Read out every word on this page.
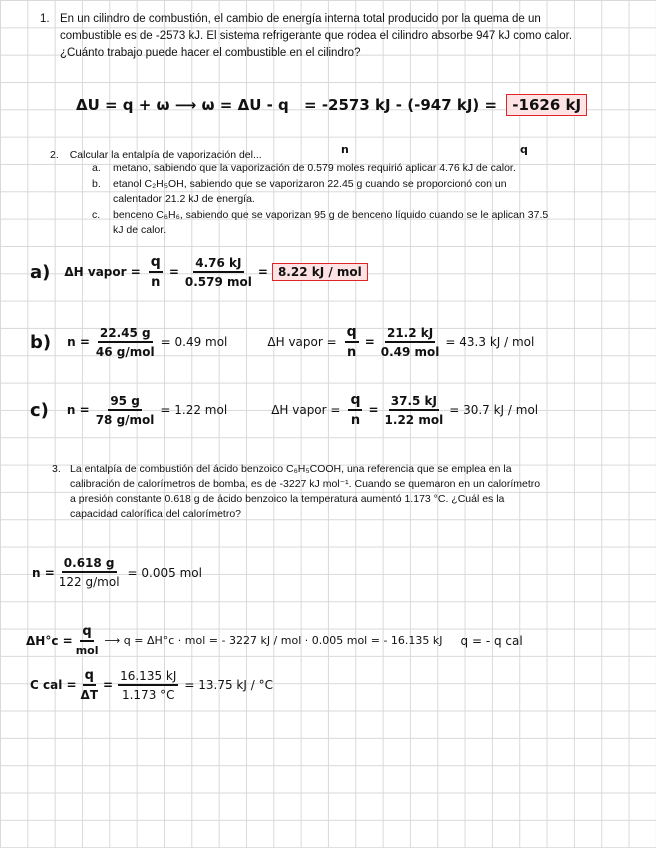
1. En un cilindro de combustión, el cambio de energía interna total producido por la quema de un
combustible es de -2573 kJ. El sistema refrigerante que rodea el cilindro absorbe 947 kJ como calor.
¿Cuánto trabajo puede hacer el combustible en el cilindro?
ΔU = q + ω ⟶ ω = ΔU - q = -2573 kJ - (-947 kJ) = -1626 kJ
2. Calcular la entalpía de vaporización del...	n	q
a. metano, sabiendo que la vaporización de 0.579 moles requirió aplicar 4.76 kJ de calor.
b. etanol C₂H₅OH, sabiendo que se vaporizaron 22.45 g cuando se proporcionó con un
calentador 21.2 kJ de energía.
c. benceno C₆H₆, sabiendo que se vaporizan 95 g de benceno líquido cuando se le aplican 37.5
kJ de calor.
a) ΔH vapor = $\frac{q}{n} = \frac{4.76 kJ}{\text{0.579 mol}} = 8.22$ kJ / mol
b) $n = \frac{22.45 g}{\text{46 g/mol}} = 0.49$ mol	ΔH vapor = $\frac{q}{n} = \frac{21.2 kJ}{\text{0.49 mol}} = 43.3$ kJ / mol
c) $n = \frac{95 g}{\text{78 g/mol}} = 1.22$ mol	ΔH vapor = $\frac{q}{n} = \frac{37.5 kJ}{\text{1.22 mol}} = 30.7$ kJ / mol
3. La entalpía de combustión del ácido benzoico C₆H₅COOH, una referencia que se emplea en la
calibración de calorímetros de bomba, es de -3227 kJ mol⁻¹. Cuando se quemaron en un calorímetro
a presión constante 0.618 g de ácido benzoico la temperatura aumentó 1.173 °C. ¿Cuál es la
capacidad calorífica del calorímetro?
$n = \frac{0.618 g}{\text{122 g/mol}} = 0.005$ mol
$\Delta H^\circ c = \frac{q}{\text{mol}}$ ⟶ q = ΔH°c · mol = - 3227 kJ / mol · 0.005 mol = - 16.135 kJ q = - q cal
C cal = $\frac{q}{\Delta T} = \frac{16.135 kJ}{1.173 ^\circ C} = 13.75$ kJ / °C
